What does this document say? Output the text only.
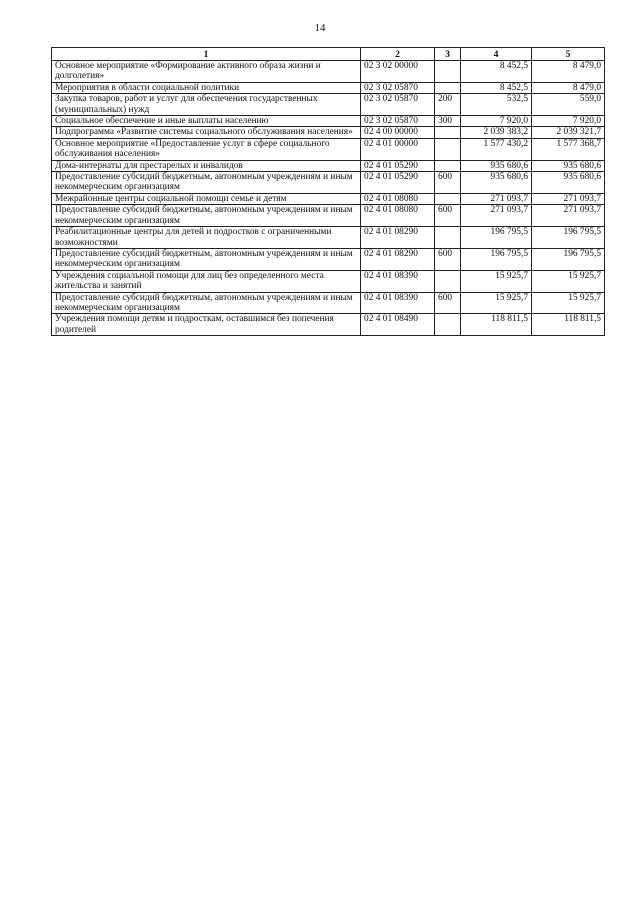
14
1	2	3	4	5
Основное мероприятие «Формирование активного образа жизни и долголетия»	02 3 02 00000		8 452,5	8 479,0
Мероприятия в области социальной политики	02 3 02 05870		8 452,5	8 479,0
Закупка товаров, работ и услуг для обеспечения государственных (муниципальных) нужд	02 3 02 05870	200	532,5	559,0
Социальное обеспечение и иные выплаты населению	02 3 02 05870	300	7 920,0	7 920,0
Подпрограмма «Развитие системы социального обслуживания населения»	02 4 00 00000		2 039 383,2	2 039 321,7
Основное мероприятие «Предоставление услуг в сфере социального обслуживания населения»	02 4 01 00000		1 577 430,2	1 577 368,7
Дома-интернаты для престарелых и инвалидов	02 4 01 05290		935 680,6	935 680,6
Предоставление субсидий бюджетным, автономным учреждениям и иным некоммерческим организациям	02 4 01 05290	600	935 680,6	935 680,6
Межрайонные центры социальной помощи семье и детям	02 4 01 08080		271 093,7	271 093,7
Предоставление субсидий бюджетным, автономным учреждениям и иным некоммерческим организациям	02 4 01 08080	600	271 093,7	271 093,7
Реабилитационные центры для детей и подростков с ограниченными возможностями	02 4 01 08290		196 795,5	196 795,5
Предоставление субсидий бюджетным, автономным учреждениям и иным некоммерческим организациям	02 4 01 08290	600	196 795,5	196 795,5
Учреждения социальной помощи для лиц без определенного места жительства и занятий	02 4 01 08390		15 925,7	15 925,7
Предоставление субсидий бюджетным, автономным учреждениям и иным некоммерческим организациям	02 4 01 08390	600	15 925,7	15 925,7
Учреждения помощи детям и подросткам, оставшимся без попечения родителей	02 4 01 08490		118 811,5	118 811,5
